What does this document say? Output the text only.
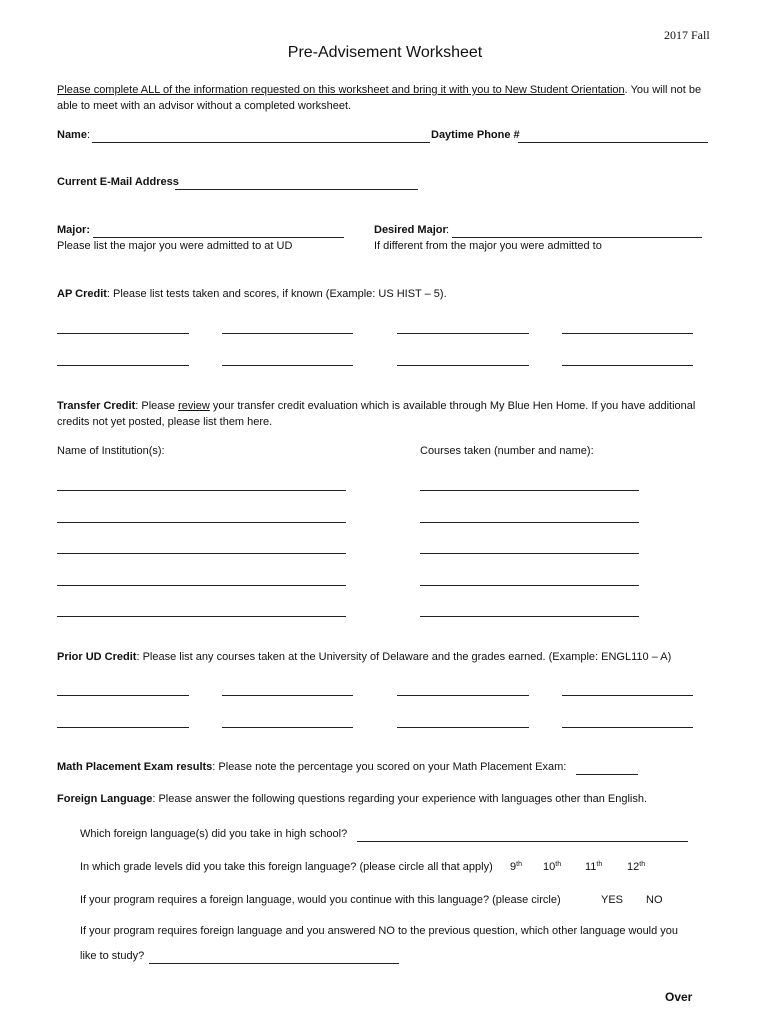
2017 Fall
Pre-Advisement Worksheet
Please complete ALL of the information requested on this worksheet and bring it with you to New Student Orientation. You will not be able to meet with an advisor without a completed worksheet.
Name :	Daytime Phone #
Current E-Mail Address
Major:
Please list the major you were admitted to at UD
Desired Major :
If different from the major you were admitted to
AP Credit: Please list tests taken and scores, if known (Example: US HIST – 5).
Transfer Credit: Please review your transfer credit evaluation which is available through My Blue Hen Home. If you have additional credits not yet posted, please list them here.
Name of Institution(s):	Courses taken (number and name):
Prior UD Credit: Please list any courses taken at the University of Delaware and the grades earned. (Example: ENGL110 – A)
Math Placement Exam results: Please note the percentage you scored on your Math Placement Exam:
Foreign Language: Please answer the following questions regarding your experience with languages other than English.
Which foreign language(s) did you take in high school?
In which grade levels did you take this foreign language? (please circle all that apply) 9th 10th 11th 12th
If your program requires a foreign language, would you continue with this language? (please circle)	YES NO
If your program requires foreign language and you answered NO to the previous question, which other language would you
like to study?
Over
